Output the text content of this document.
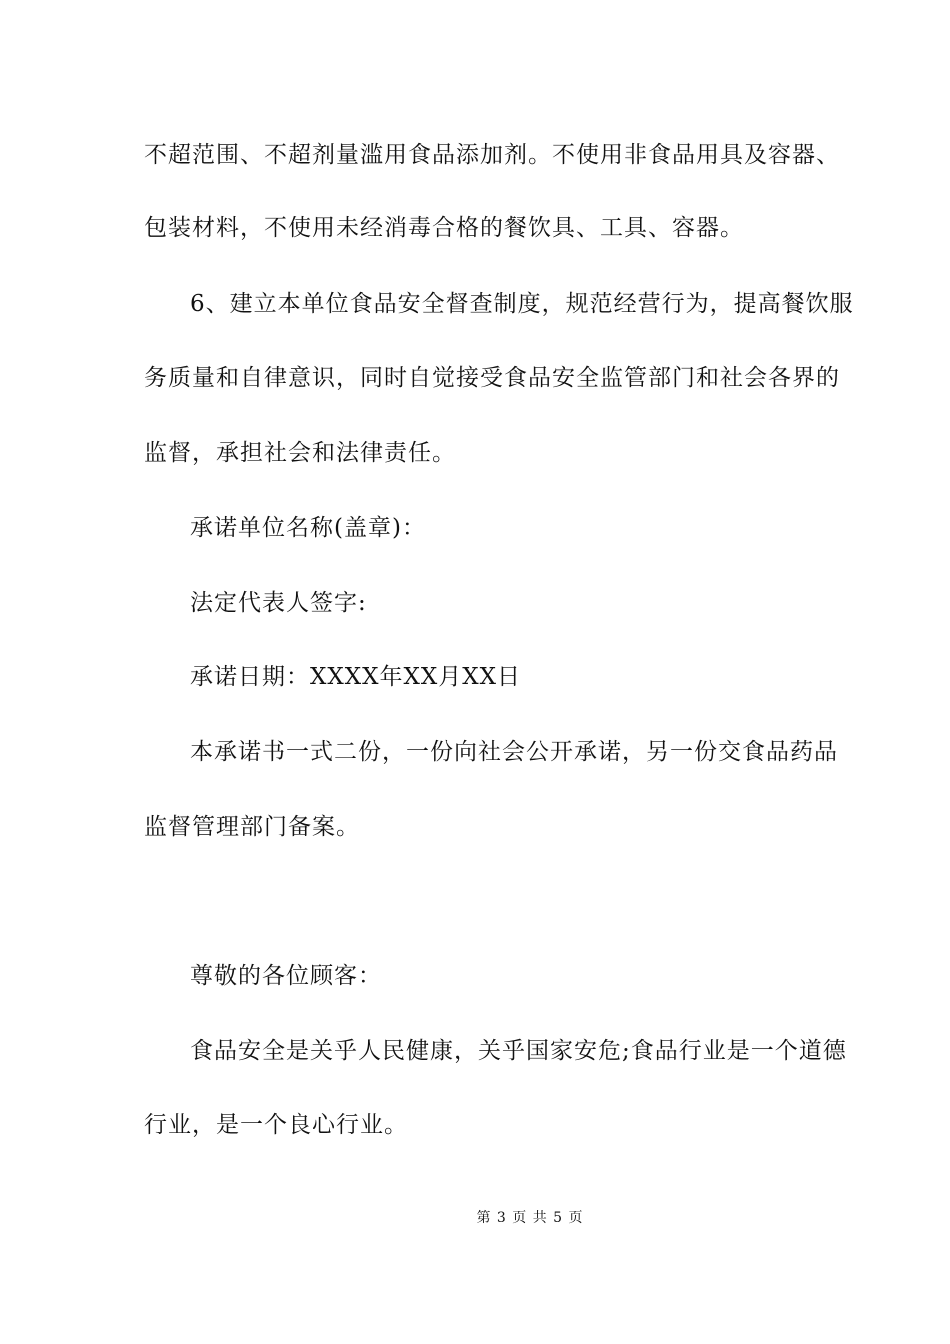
不超范围、不超剂量滥用食品添加剂。不使用非食品用具及容器、
包装材料，不使用未经消毒合格的餐饮具、工具、容器。
6、建立本单位食品安全督查制度，规范经营行为，提高餐饮服
务质量和自律意识，同时自觉接受食品安全监管部门和社会各界的
监督，承担社会和法律责任。
承诺单位名称(盖章)：
法定代表人签字:
承诺日期：XXXX年XX月XX日
本承诺书一式二份，一份向社会公开承诺，另一份交食品药品
监督管理部门备案。
尊敬的各位顾客：
食品安全是关乎人民健康，关乎国家安危;食品行业是一个道德
行业，是一个良心行业。
第 3 页 共 5 页
